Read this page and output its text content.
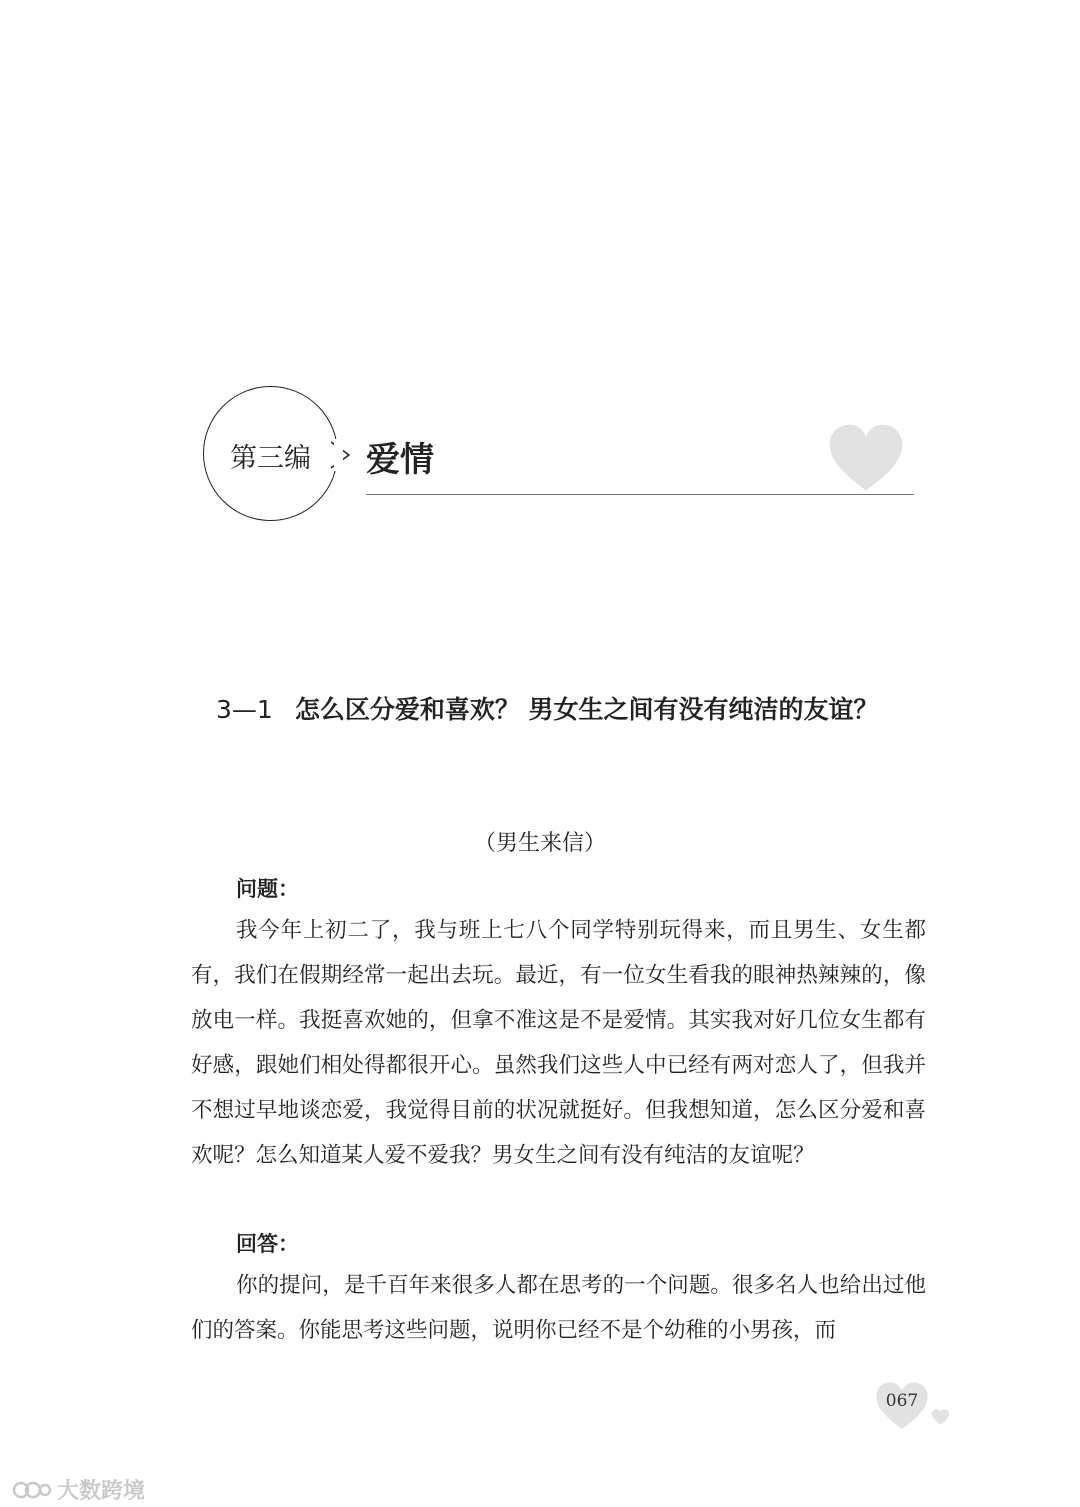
第三编	爱情
3—1 怎么区分爱和喜欢？ 男女生之间有没有纯洁的友谊？
（男生来信）
问题：

我今年上初二了，我与班上七八个同学特别玩得来，而且男生、女生都有，我们在假期经常一起出去玩。最近，有一位女生看我的眼神热辣辣的，像放电一样。我挺喜欢她的，但拿不准这是不是爱情。其实我对好几位女生都有好感，跟她们相处得都很开心。虽然我们这些人中已经有两对恋人了，但我并不想过早地谈恋爱，我觉得目前的状况就挺好。但我想知道，怎么区分爱和喜欢呢？怎么知道某人爱不爱我？男女生之间有没有纯洁的友谊呢？

回答：

你的提问，是千百年来很多人都在思考的一个问题。很多名人也给出过他们的答案。你能思考这些问题，说明你已经不是个幼稚的小男孩，而

067
大数跨境
